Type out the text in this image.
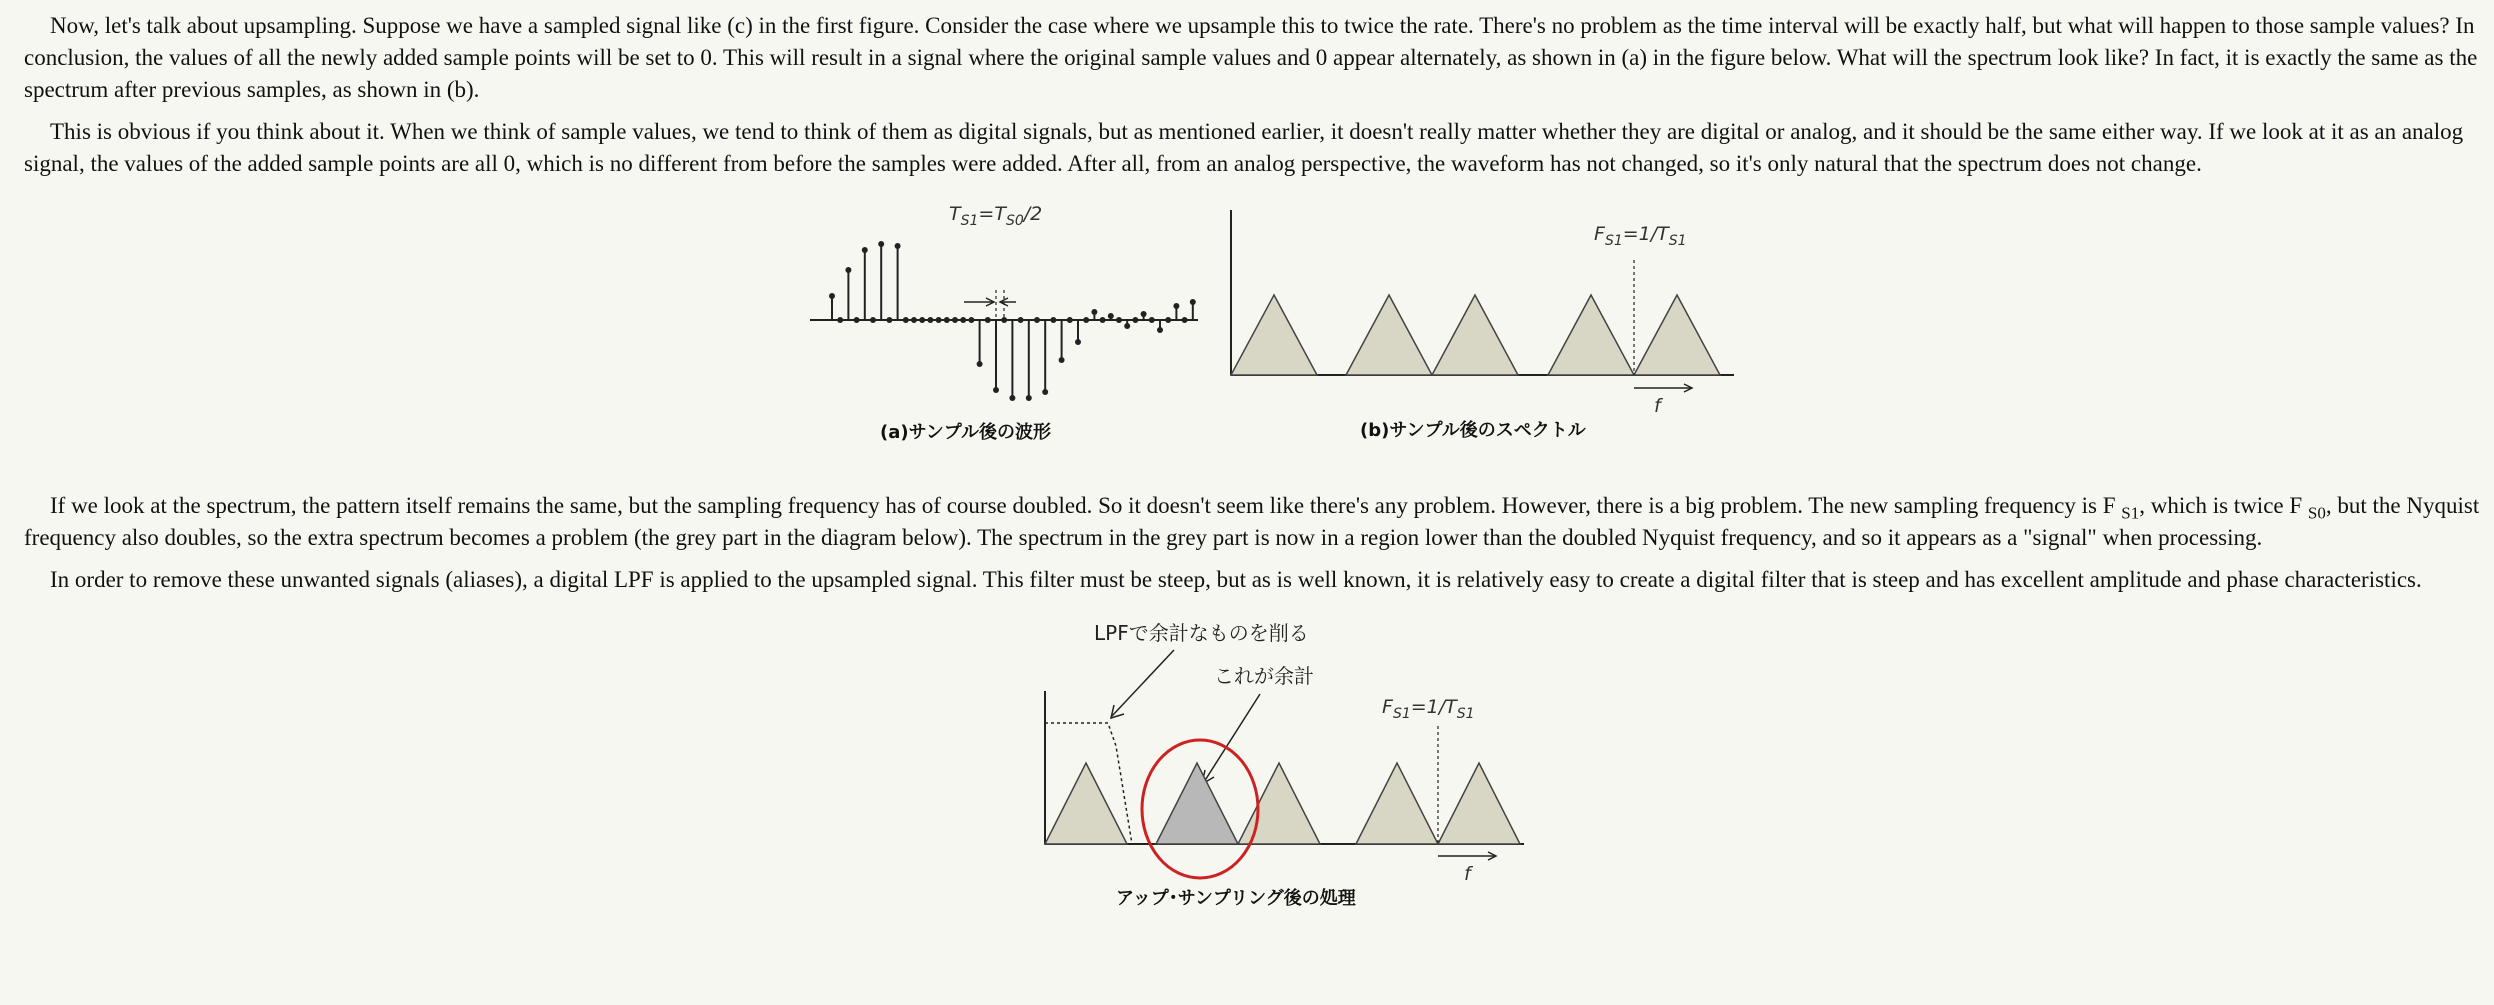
Now, let's talk about upsampling. Suppose we have a sampled signal like (c) in the first figure. Consider the case where we upsample this to twice the rate. There's no problem as the time interval will be exactly half, but what will happen to those sample values? In conclusion, the values of all the newly added sample points will be set to 0. This will result in a signal where the original sample values and 0 appear alternately, as shown in (a) in the figure below. What will the spectrum look like? In fact, it is exactly the same as the spectrum after previous samples, as shown in (b).

This is obvious if you think about it. When we think of sample values, we tend to think of them as digital signals, but as mentioned earlier, it doesn't really matter whether they are digital or analog, and it should be the same either way. If we look at it as an analog signal, the values of the added sample points are all 0, which is no different from before the samples were added. After all, from an analog perspective, the waveform has not changed, so it's only natural that the spectrum does not change.

$T_{S1}=T_{S0}/2$
(a)サンプル後の波形
$F_{S1}=1/T_{S1}$
f
(b)サンプル後のスペクトル

If we look at the spectrum, the pattern itself remains the same, but the sampling frequency has of course doubled. So it doesn't seem like there's any problem. However, there is a big problem. The new sampling frequency is F $_{S1}$, which is twice F $_{S0}$, but the Nyquist frequency also doubles, so the extra spectrum becomes a problem (the grey part in the diagram below). The spectrum in the grey part is now in a region lower than the doubled Nyquist frequency, and so it appears as a "signal" when processing.

In order to remove these unwanted signals (aliases), a digital LPF is applied to the upsampled signal. This filter must be steep, but as is well known, it is relatively easy to create a digital filter that is steep and has excellent amplitude and phase characteristics.

LPFで余計なものを削る
これが余計
$F_{S1}=1/T_{S1}$
f
アップ･サンプリング後の処理
